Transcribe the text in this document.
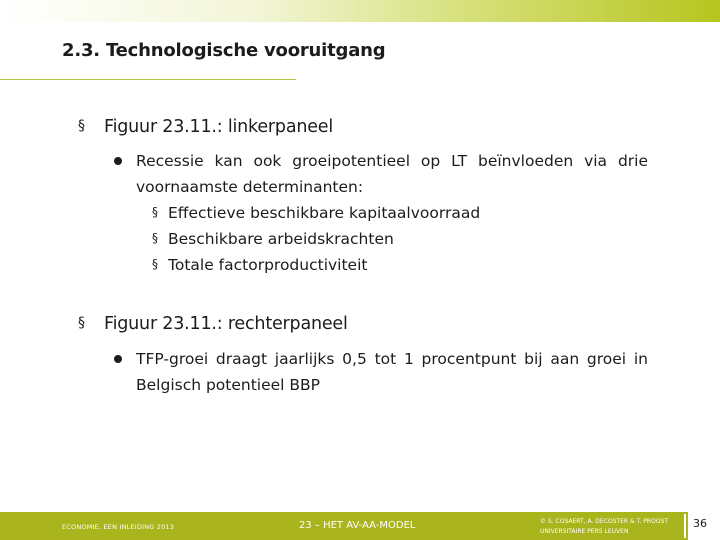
2.3. Technologische vooruitgang
§ Figuur 23.11.: linkerpaneel
Recessie kan ook groeipotentieel op LT beïnvloeden via drie voornaamste determinanten:
§ Effectieve beschikbare kapitaalvoorraad
§ Beschikbare arbeidskrachten
§ Totale factorproductiviteit
§ Figuur 23.11.: rechterpaneel
TFP-groei draagt jaarlijks 0,5 tot 1 procentpunt bij aan groei in Belgisch potentieel BBP
ECONOMIE, EEN INLEIDING 2013	23 – HET AV-AA-MODEL	© S. COSAERT, A. DECOSTER & T. PROOST
UNIVERSITAIRE PERS LEUVEN
36
